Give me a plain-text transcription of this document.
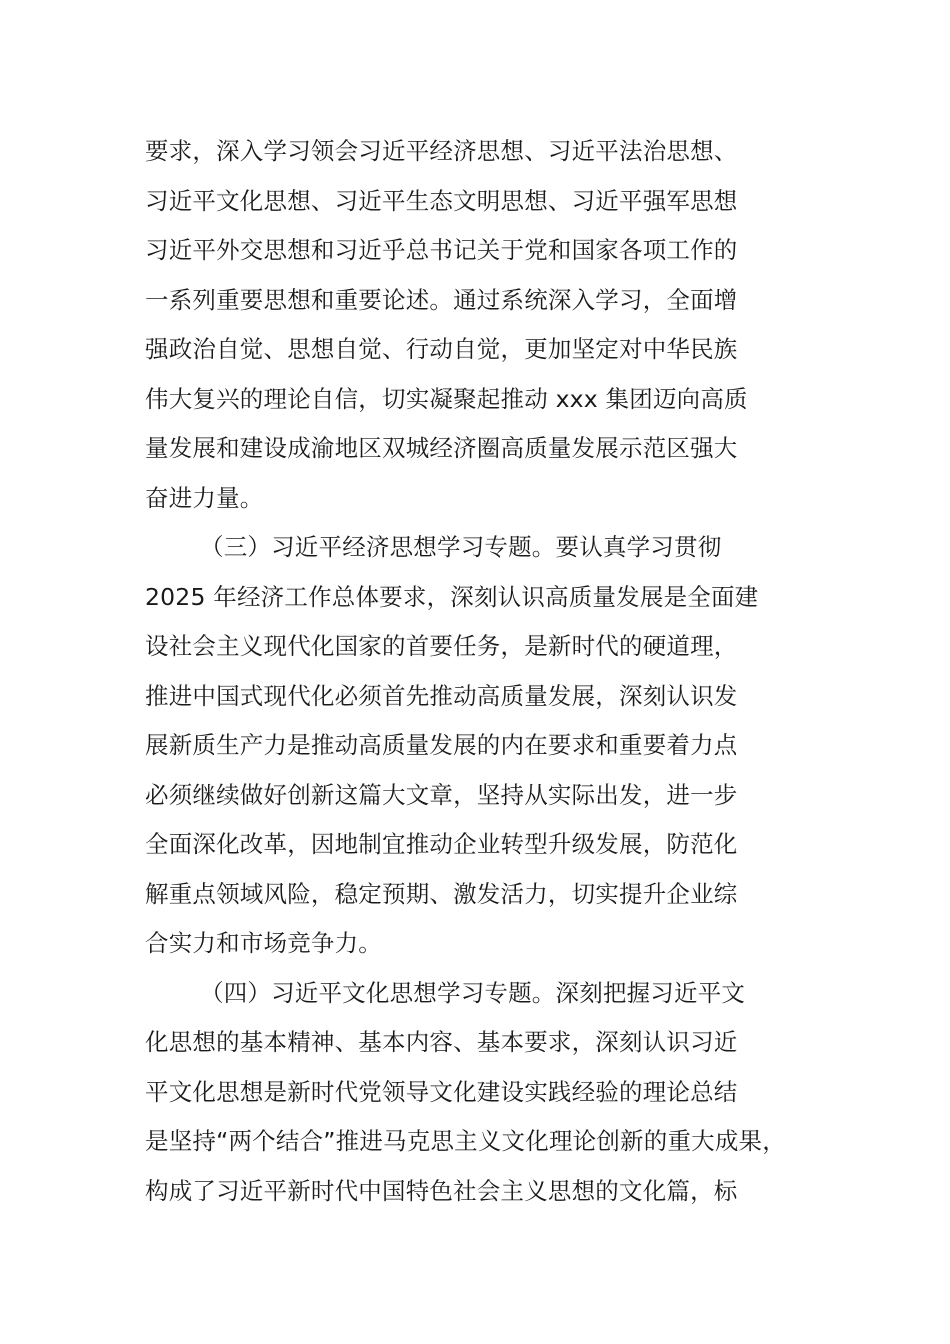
要求，深入学习领会习近平经济思想、习近平法治思想、
习近平文化思想、习近平生态文明思想、习近平强军思想
习近平外交思想和习近乎总书记关于党和国家各项工作的
一系列重要思想和重要论述。通过系统深入学习，全面增
强政治自觉、思想自觉、行动自觉，更加坚定对中华民族
伟大复兴的理论自信，切实凝聚起推动 xxx 集团迈向高质
量发展和建设成渝地区双城经济圈高质量发展示范区强大
奋进力量。
（三）习近平经济思想学习专题。要认真学习贯彻
2025 年经济工作总体要求，深刻认识高质量发展是全面建
设社会主义现代化国家的首要任务，是新时代的硬道理，
推进中国式现代化必须首先推动高质量发展，深刻认识发
展新质生产力是推动高质量发展的内在要求和重要着力点
必须继续做好创新这篇大文章，坚持从实际出发，进一步
全面深化改革，因地制宜推动企业转型升级发展，防范化
解重点领域风险，稳定预期、激发活力，切实提升企业综
合实力和市场竞争力。
（四）习近平文化思想学习专题。深刻把握习近平文
化思想的基本精神、基本内容、基本要求，深刻认识习近
平文化思想是新时代党领导文化建设实践经验的理论总结
是坚持“两个结合”推进马克思主义文化理论创新的重大成果，
构成了习近平新时代中国特色社会主义思想的文化篇，标
